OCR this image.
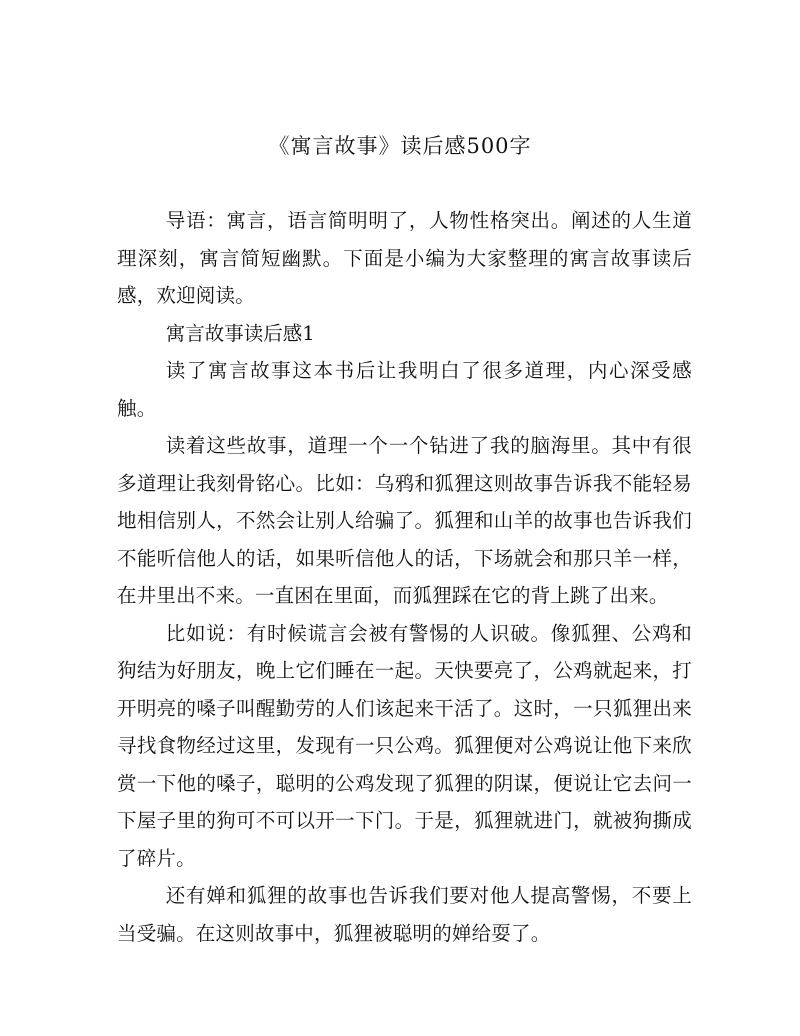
《寓言故事》读后感500字

导语：寓言，语言简明明了，人物性格突出。阐述的人生道理深刻，寓言简短幽默。下面是小编为大家整理的寓言故事读后感，欢迎阅读。

寓言故事读后感1

读了寓言故事这本书后让我明白了很多道理，内心深受感触。

读着这些故事，道理一个一个钻进了我的脑海里。其中有很多道理让我刻骨铭心。比如：乌鸦和狐狸这则故事告诉我不能轻易地相信别人，不然会让别人给骗了。狐狸和山羊的故事也告诉我们不能听信他人的话，如果听信他人的话，下场就会和那只羊一样，在井里出不来。一直困在里面，而狐狸踩在它的背上跳了出来。

比如说：有时候谎言会被有警惕的人识破。像狐狸、公鸡和狗结为好朋友，晚上它们睡在一起。天快要亮了，公鸡就起来，打开明亮的嗓子叫醒勤劳的人们该起来干活了。这时，一只狐狸出来寻找食物经过这里，发现有一只公鸡。狐狸便对公鸡说让他下来欣赏一下他的嗓子，聪明的公鸡发现了狐狸的阴谋，便说让它去问一下屋子里的狗可不可以开一下门。于是，狐狸就进门，就被狗撕成了碎片。

还有婵和狐狸的故事也告诉我们要对他人提高警惕，不要上当受骗。在这则故事中，狐狸被聪明的婵给耍了。
